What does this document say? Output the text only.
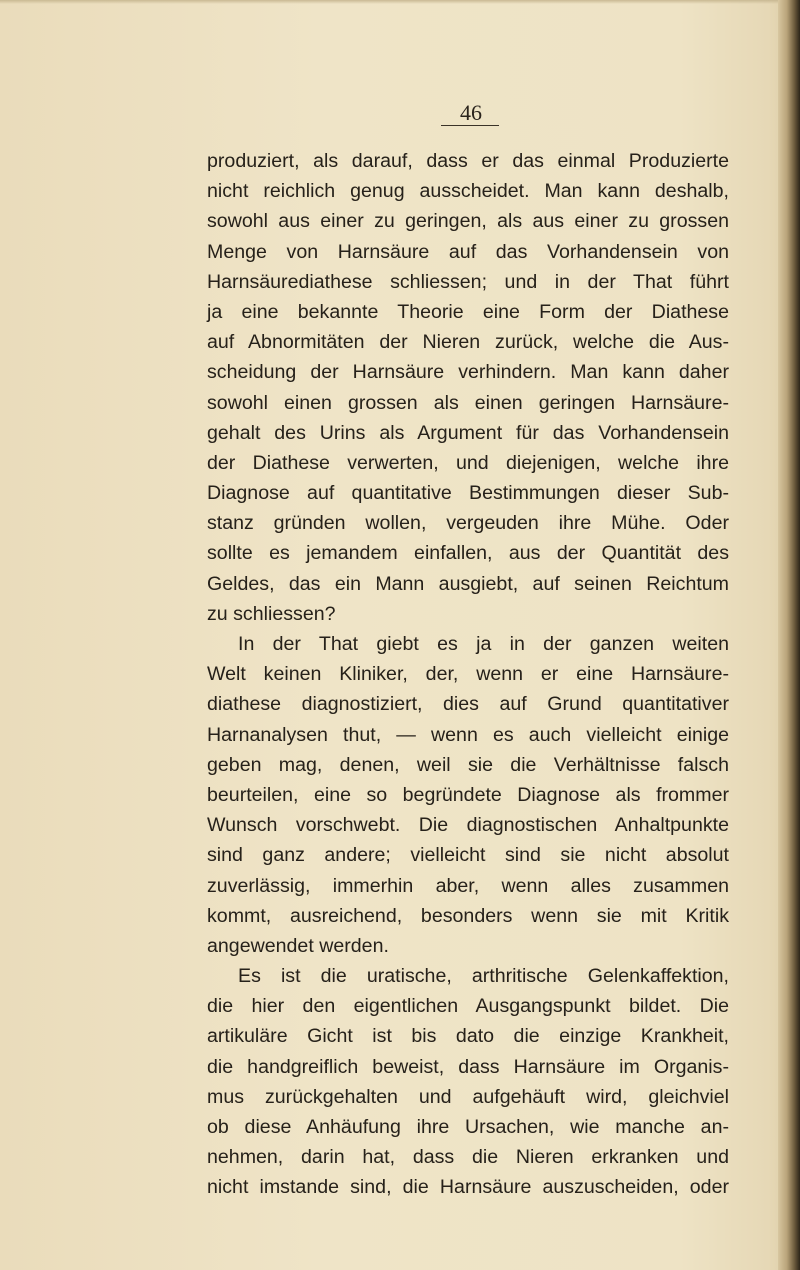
46
produziert, als darauf, dass er das einmal Produzierte
nicht reichlich genug ausscheidet. Man kann deshalb,
sowohl aus einer zu geringen, als aus einer zu grossen
Menge von Harnsäure auf das Vorhandensein von
Harnsäurediathese schliessen; und in der That führt
ja eine bekannte Theorie eine Form der Diathese
auf Abnormitäten der Nieren zurück, welche die Aus-
scheidung der Harnsäure verhindern. Man kann daher
sowohl einen grossen als einen geringen Harnsäure-
gehalt des Urins als Argument für das Vorhandensein
der Diathese verwerten, und diejenigen, welche ihre
Diagnose auf quantitative Bestimmungen dieser Sub-
stanz gründen wollen, vergeuden ihre Mühe. Oder
sollte es jemandem einfallen, aus der Quantität des
Geldes, das ein Mann ausgiebt, auf seinen Reichtum
zu schliessen?
In der That giebt es ja in der ganzen weiten
Welt keinen Kliniker, der, wenn er eine Harnsäure-
diathese diagnostiziert, dies auf Grund quantitativer
Harnanalysen thut, — wenn es auch vielleicht einige
geben mag, denen, weil sie die Verhältnisse falsch
beurteilen, eine so begründete Diagnose als frommer
Wunsch vorschwebt. Die diagnostischen Anhaltpunkte
sind ganz andere; vielleicht sind sie nicht absolut
zuverlässig, immerhin aber, wenn alles zusammen
kommt, ausreichend, besonders wenn sie mit Kritik
angewendet werden.
Es ist die uratische, arthritische Gelenkaffektion,
die hier den eigentlichen Ausgangspunkt bildet. Die
artikuläre Gicht ist bis dato die einzige Krankheit,
die handgreiflich beweist, dass Harnsäure im Organis-
mus zurückgehalten und aufgehäuft wird, gleichviel
ob diese Anhäufung ihre Ursachen, wie manche an-
nehmen, darin hat, dass die Nieren erkranken und
nicht imstande sind, die Harnsäure auszuscheiden, oder
